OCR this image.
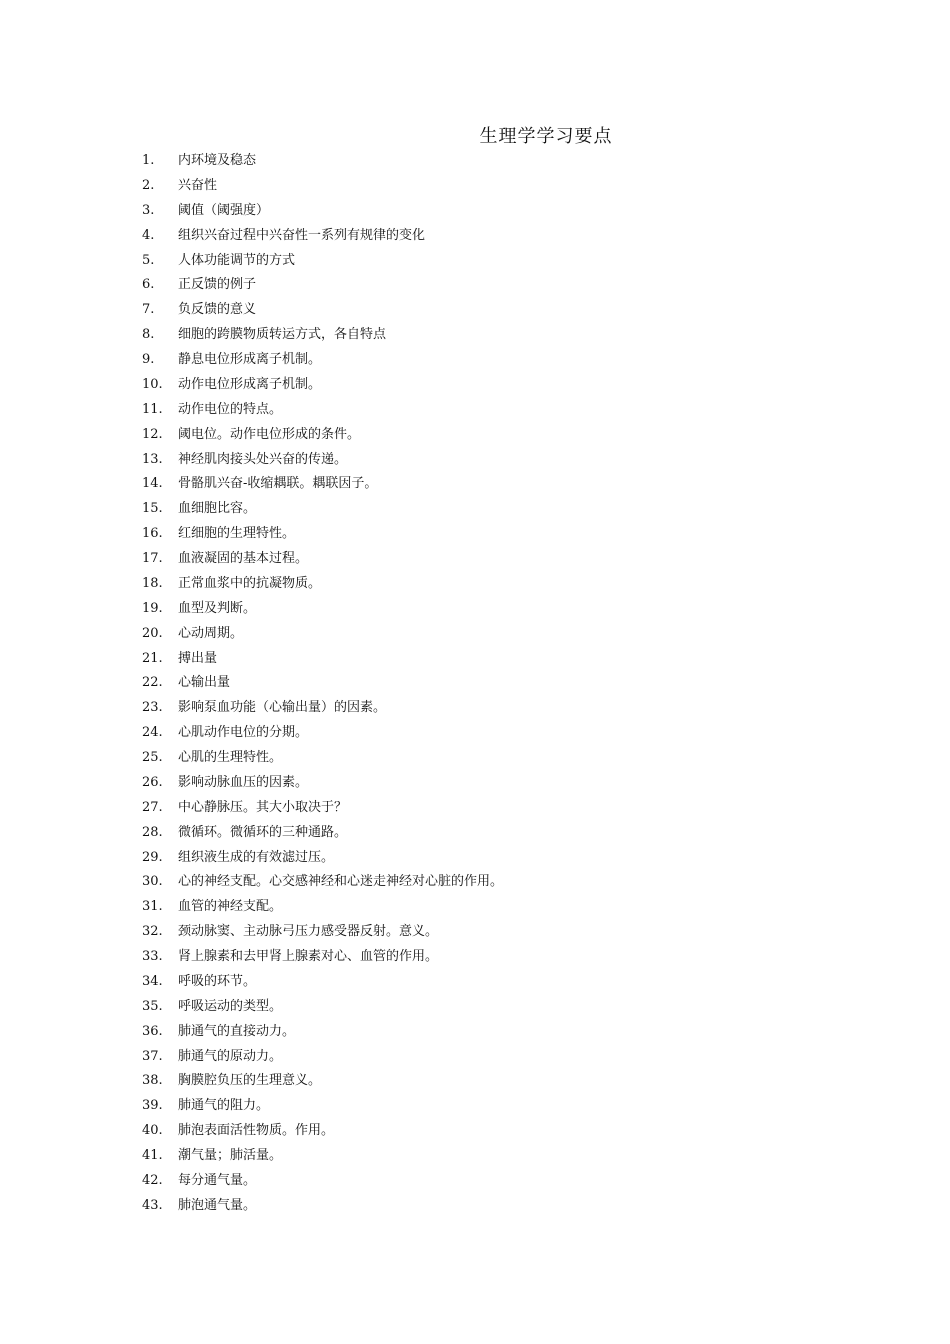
生理学学习要点
1.	内环境及稳态
2.	兴奋性
3.	阈值（阈强度）
4.	组织兴奋过程中兴奋性一系列有规律的变化
5.	人体功能调节的方式
6.	正反馈的例子
7.	负反馈的意义
8.	细胞的跨膜物质转运方式，各自特点
9.	静息电位形成离子机制。
10.	动作电位形成离子机制。
11.	动作电位的特点。
12.	阈电位。动作电位形成的条件。
13.	神经肌肉接头处兴奋的传递。
14.	骨骼肌兴奋-收缩耦联。耦联因子。
15.	血细胞比容。
16.	红细胞的生理特性。
17.	血液凝固的基本过程。
18.	正常血浆中的抗凝物质。
19.	血型及判断。
20.	心动周期。
21.	搏出量
22.	心输出量
23.	影响泵血功能（心输出量）的因素。
24.	心肌动作电位的分期。
25.	心肌的生理特性。
26.	影响动脉血压的因素。
27.	中心静脉压。其大小取决于？
28.	微循环。微循环的三种通路。
29.	组织液生成的有效滤过压。
30.	心的神经支配。心交感神经和心迷走神经对心脏的作用。
31.	血管的神经支配。
32.	颈动脉窦、主动脉弓压力感受器反射。意义。
33.	肾上腺素和去甲肾上腺素对心、血管的作用。
34.	呼吸的环节。
35.	呼吸运动的类型。
36.	肺通气的直接动力。
37.	肺通气的原动力。
38.	胸膜腔负压的生理意义。
39.	肺通气的阻力。
40.	肺泡表面活性物质。作用。
41.	潮气量；肺活量。
42.	每分通气量。
43.	肺泡通气量。
